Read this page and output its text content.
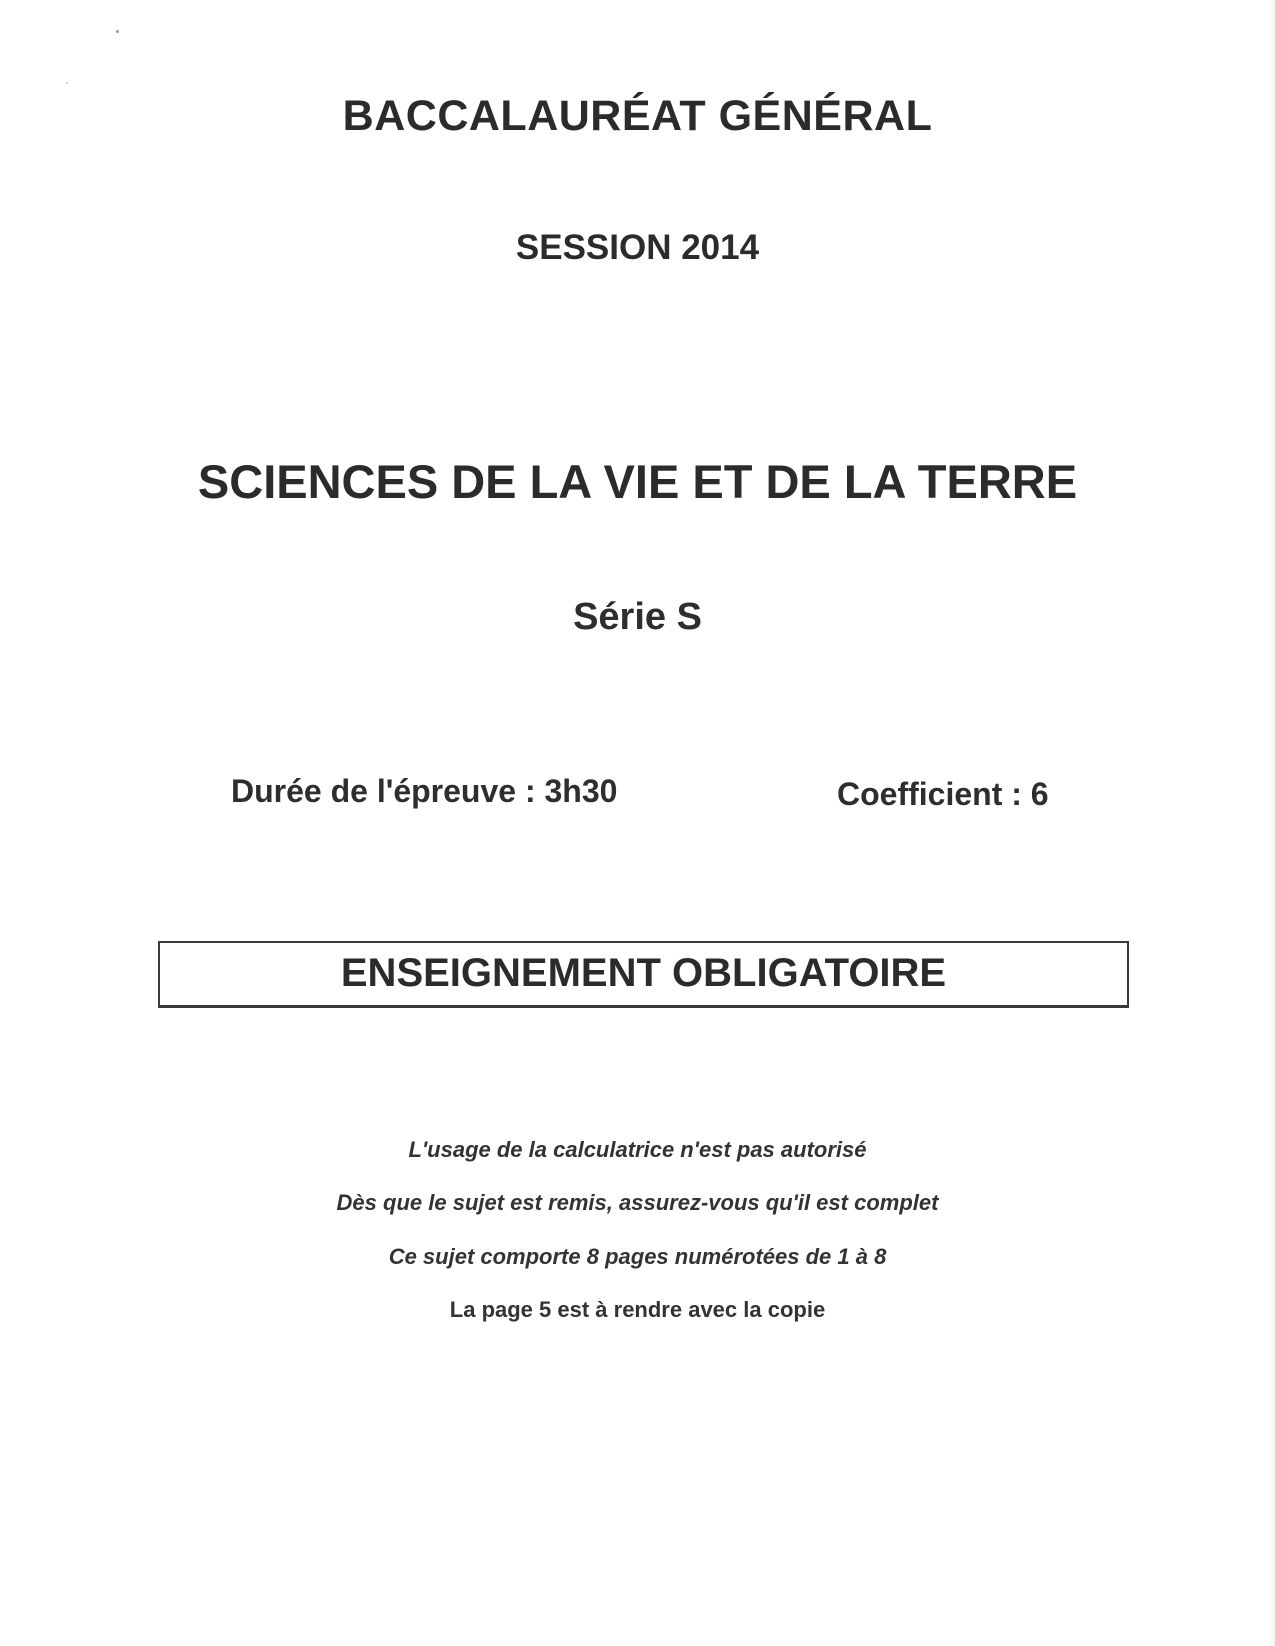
BACCALAURÉAT GÉNÉRAL
SESSION 2014
SCIENCES DE LA VIE ET DE LA TERRE
Série S
Durée de l'épreuve : 3h30	Coefficient : 6
ENSEIGNEMENT OBLIGATOIRE
L'usage de la calculatrice n'est pas autorisé
Dès que le sujet est remis, assurez-vous qu'il est complet
Ce sujet comporte 8 pages numérotées de 1 à 8
La page 5 est à rendre avec la copie
